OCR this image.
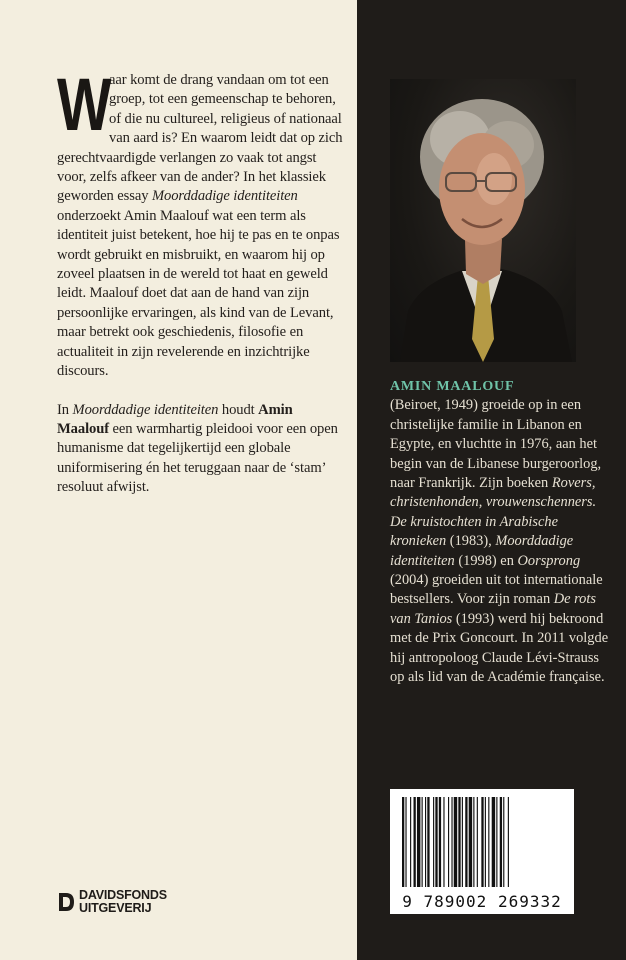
W
aar komt de drang vandaan om tot een groep, tot een gemeenschap te behoren, of die nu cultureel, religieus of nationaal van aard is? En waarom leidt dat op zich gerechtvaardigde verlangen zo vaak tot angst voor, zelfs afkeer van de ander? In het klassiek geworden essay Moorddadige identiteiten onderzoekt Amin Maalouf wat een term als identiteit juist betekent, hoe hij te pas en te onpas wordt gebruikt en misbruikt, en waarom hij op zoveel plaatsen in de wereld tot haat en geweld leidt. Maalouf doet dat aan de hand van zijn persoonlijke ervaringen, als kind van de Levant, maar betrekt ook geschiedenis, filosofie en actualiteit in zijn revelerende en inzichtrijke discours.

In Moorddadige identiteiten houdt Amin Maalouf een warmhartig pleidooi voor een open humanisme dat tegelijkertijd een globale uniformisering én het teruggaan naar de ‘stam’ resoluut afwijst.

DAVIDSFONDS
UITGEVERIJ

AMIN MAALOUF

(Beiroet, 1949) groeide op in een christelijke familie in Libanon en Egypte, en vluchtte in 1976, aan het begin van de Libanese burgeroorlog, naar Frankrijk. Zijn boeken Rovers, christenhonden, vrouwenschenners. De kruistochten in Arabische kronieken (1983), Moorddadige identiteiten (1998) en Oorsprong (2004) groeiden uit tot internationale bestsellers. Voor zijn roman De rots van Tanios (1993) werd hij bekroond met de Prix Goncourt. In 2011 volgde hij antropoloog Claude Lévi-Strauss op als lid van de Académie française.

9 789002 269332
